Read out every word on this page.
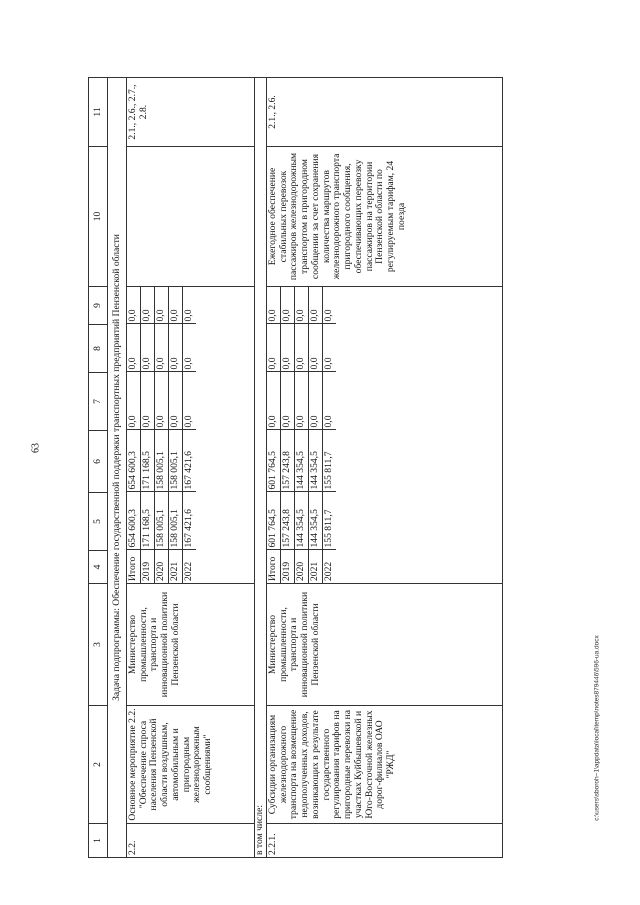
63
c:\users\sboroh~1\appdata\local\temp\notes879446\596-ua.docx
1	2	3	4	5	6	7	8	9	10	11
Задача подпрограммы: Обеспечение государственной поддержки транспортных предприятий Пензенской области
2.2.	Основное мероприятие 2.2. "Обеспечение спроса населения Пензенской области воздушным, автомобильным и пригородным железнодорожным сообщениями"	Министерство промышленности, транспорта и инновационной политики Пензенской области	
Итого	654 600,3	654 600,3	0,0	0,0	0,0
2019	171 168,5	171 168,5	0,0	0,0	0,0
2020	158 005,1	158 005,1	0,0	0,0	0,0
2021	158 005,1	158 005,1	0,0	0,0	0,0
2022	167 421,6	167 421,6	0,0	0,0	0,0
		2.1., 2.6., 2.7., 2.8.
в том числе:
2.2.1.	Субсидии организациям железнодорожного транспорта на возмещение недополученных доходов, возникающих в результате государственного регулирования тарифов на пригородные перевозки на участках Куйбышевской и Юго-Восточной железных дорог-филиалов ОАО "РЖД"	Министерство промышленности, транспорта и инновационной политики Пензенской области	
Итого	601 764,5	601 764,5	0,0	0,0	0,0
2019	157 243,8	157 243,8	0,0	0,0	0,0
2020	144 354,5	144 354,5	0,0	0,0	0,0
2021	144 354,5	144 354,5	0,0	0,0	0,0
2022	155 811,7	155 811,7	0,0	0,0	0,0
	Ежегодное обеспечение стабильных перевозок пассажиров железнодорожным транспортом в пригородном сообщении за счет сохранения количества маршрутов железнодорожного транспорта пригородного сообщения, обеспечивающих перевозку пассажиров на территории Пензенской области по регулируемым тарифам, 24 поезда	2.1., 2.6.
